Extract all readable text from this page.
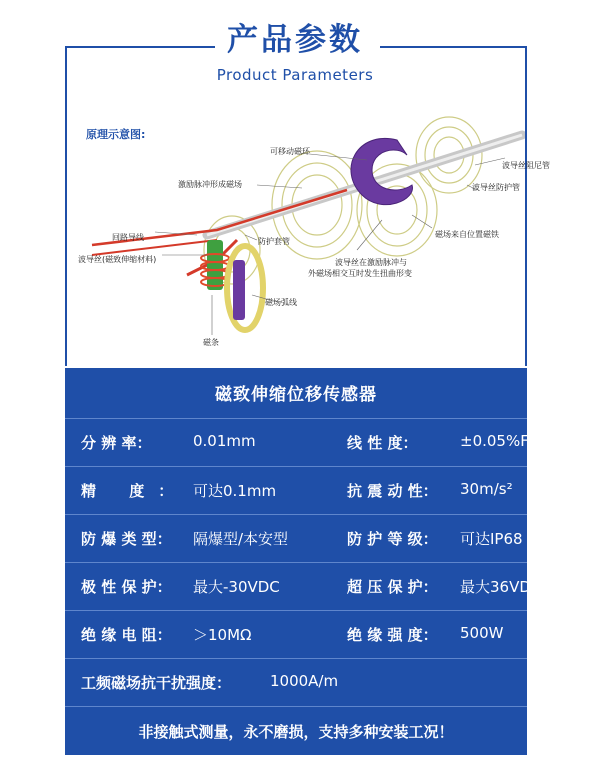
产品参数
Product Parameters
原理示意图:
可移动磁环
波导丝阻尼管
激励脉冲形成磁场	波导丝防护管
回路导线	防护套管
磁场来自位置磁铁
波导丝(磁致伸缩材料)	波导丝在激励脉冲与
外磁场相交互时发生扭曲形变
磁场弧线
磁条
磁致伸缩位移传感器
分 辨 率：	0.01mm	线 性 度：	±0.05%FS
精 度： 可达0.1mm	抗 震 动 性： 30m/s²
防 爆 类 型： 隔爆型/本安型	防 护 等 级： 可达IP68
极 性 保 护： 最大-30VDC	超 压 保 护： 最大36VDC
绝 缘 电 阻： ＞10MΩ	绝 缘 强 度： 500W
工频磁场抗干扰强度：	1000A/m
非接触式测量，永不磨损，支持多种安装工况！
